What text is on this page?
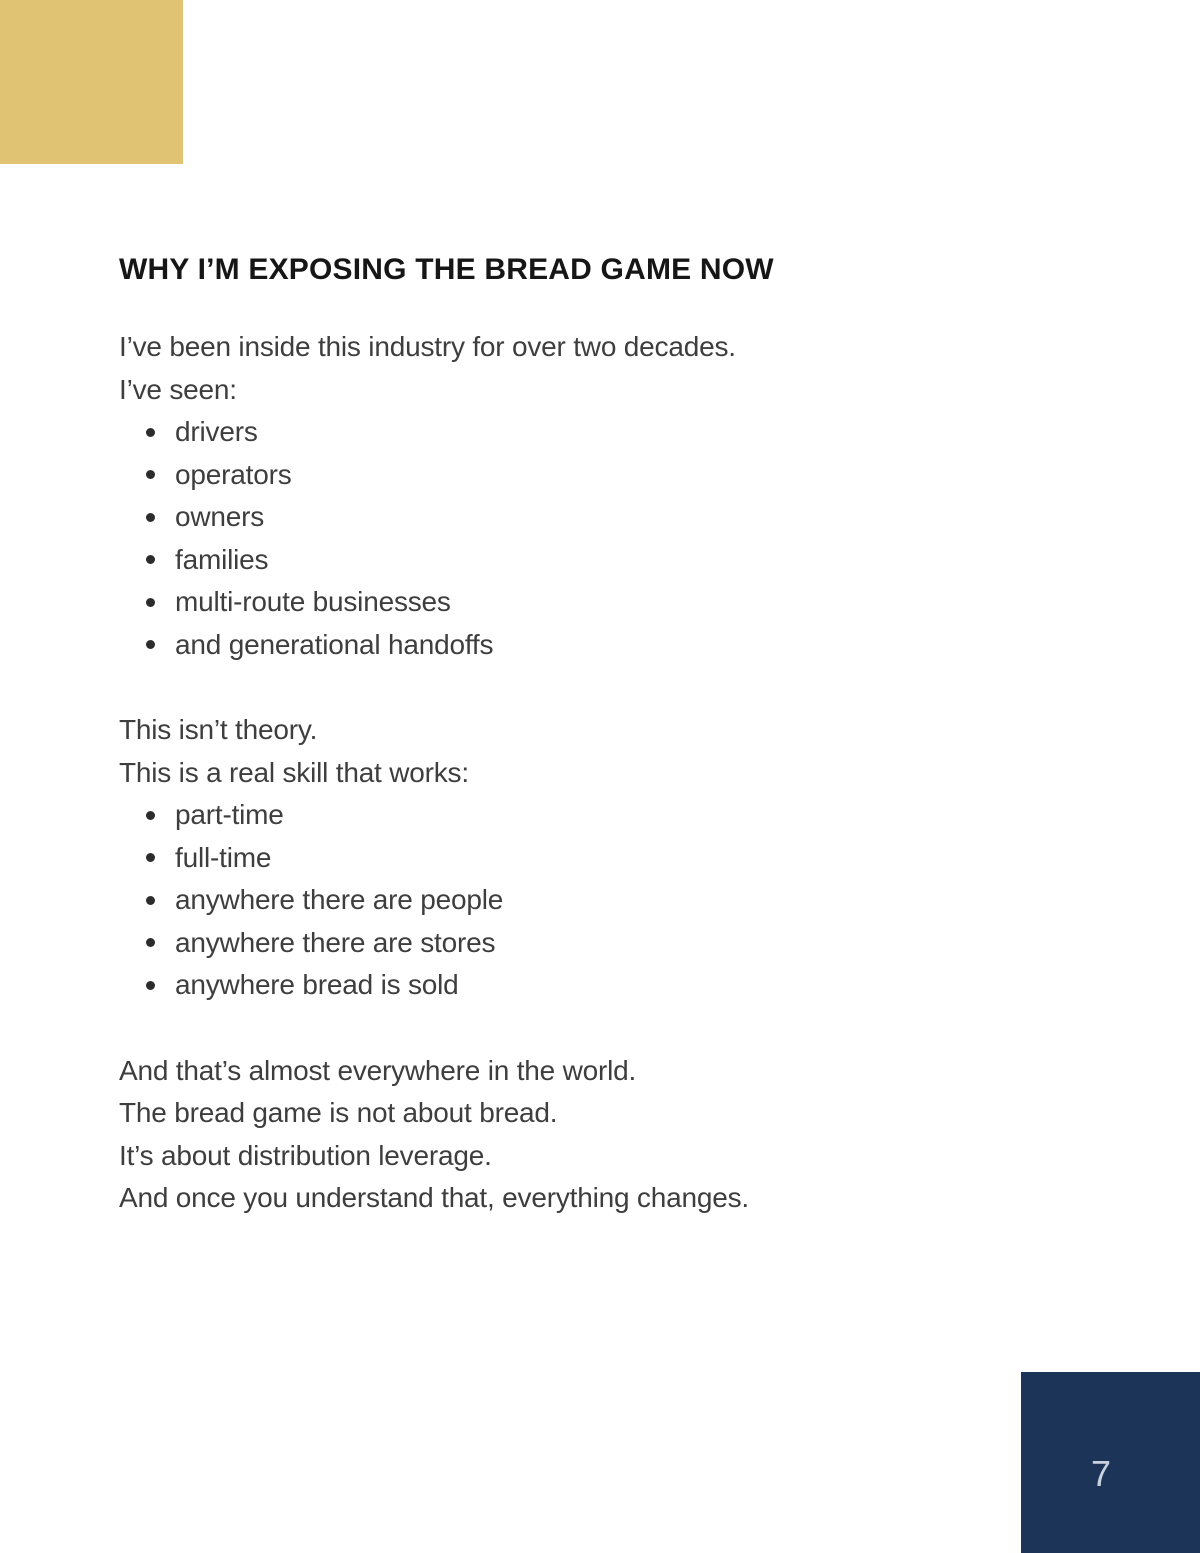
WHY I’M EXPOSING THE BREAD GAME NOW

I’ve been inside this industry for over two decades.

I’ve seen:

drivers
operators
owners
families
multi-route businesses
and generational handoffs

This isn’t theory.

This is a real skill that works:

part-time
full-time
anywhere there are people
anywhere there are stores
anywhere bread is sold

And that’s almost everywhere in the world.

The bread game is not about bread.

It’s about distribution leverage.

And once you understand that, everything changes.

7
